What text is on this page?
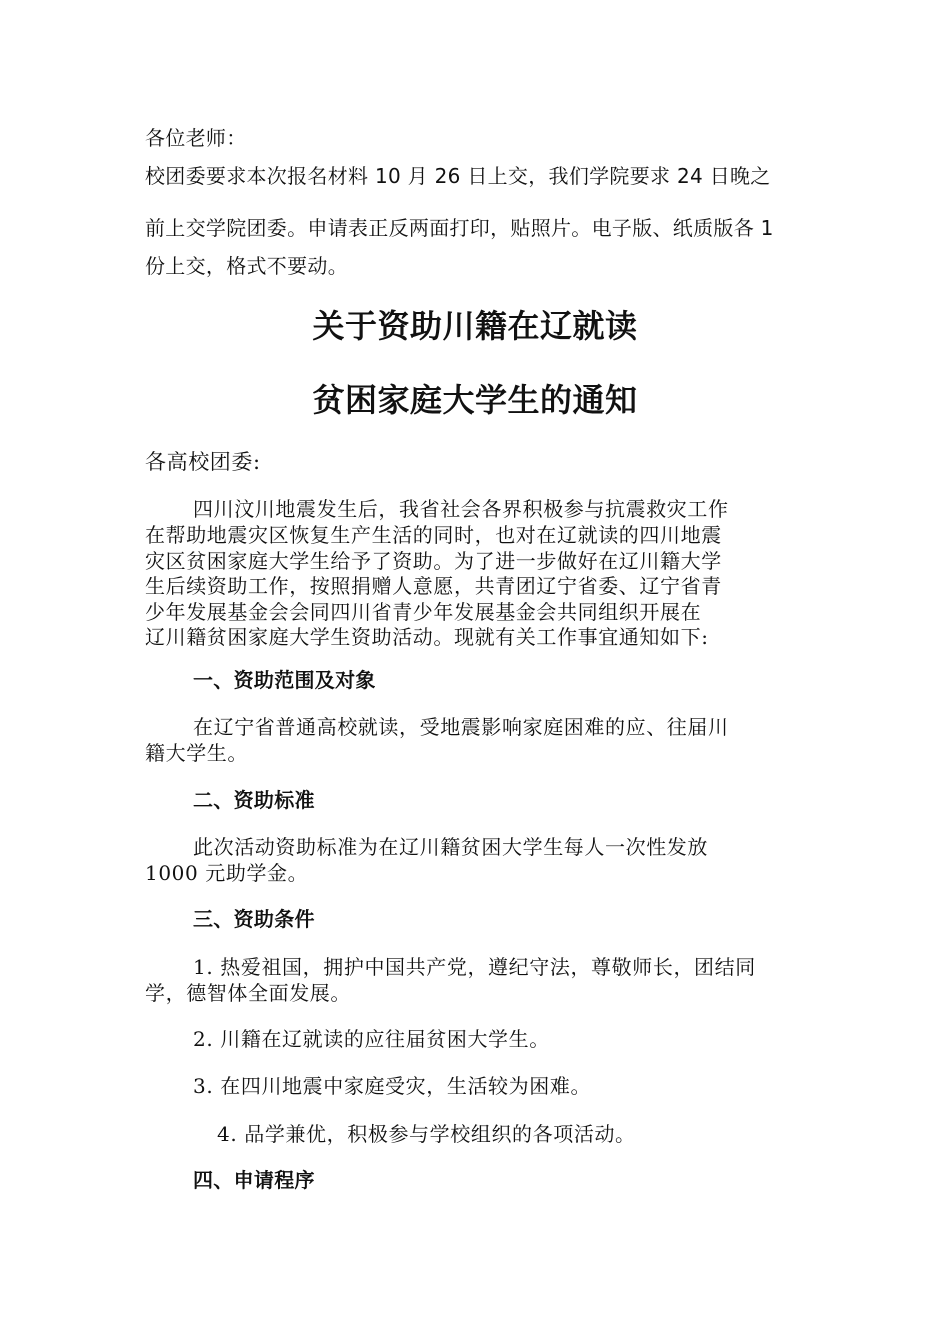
各位老师：

校团委要求本次报名材料 10 月 26 日上交，我们学院要求 24 日晚之

前上交学院团委。申请表正反两面打印，贴照片。电子版、纸质版各 1

份上交，格式不要动。

关于资助川籍在辽就读
贫困家庭大学生的通知

各高校团委:

四川汶川地震发生后，我省社会各界积极参与抗震救灾工作

在帮助地震灾区恢复生产生活的同时，也对在辽就读的四川地震

灾区贫困家庭大学生给予了资助。为了进一步做好在辽川籍大学

生后续资助工作，按照捐赠人意愿，共青团辽宁省委、辽宁省青

少年发展基金会会同四川省青少年发展基金会共同组织开展在

辽川籍贫困家庭大学生资助活动。现就有关工作事宜通知如下:

一、资助范围及对象

在辽宁省普通高校就读，受地震影响家庭困难的应、往届川

籍大学生。

二、资助标准

此次活动资助标准为在辽川籍贫困大学生每人一次性发放

1000 元助学金。

三、资助条件

1. 热爱祖国，拥护中国共产党，遵纪守法，尊敬师长，团结同

学，德智体全面发展。

2. 川籍在辽就读的应往届贫困大学生。

3. 在四川地震中家庭受灾，生活较为困难。

4. 品学兼优，积极参与学校组织的各项活动。

四、申请程序
